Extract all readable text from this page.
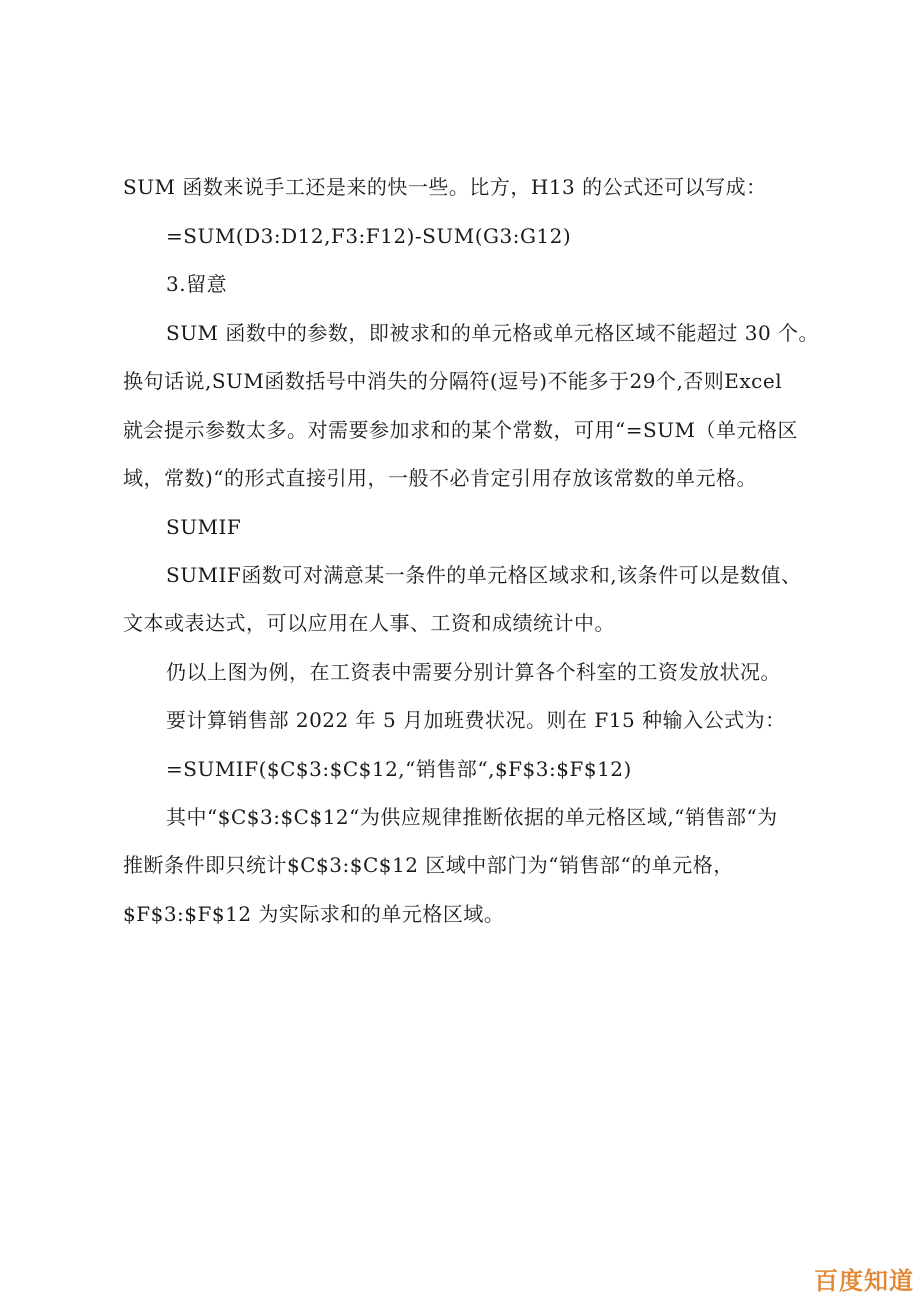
SUM 函数来说手工还是来的快一些。比方，H13 的公式还可以写成：
=SUM(D3:D12,F3:F12)-SUM(G3:G12)
3.留意
SUM 函数中的参数，即被求和的单元格或单元格区域不能超过 30 个。
换句话说,SUM函数括号中消失的分隔符(逗号)不能多于29个,否则Excel
就会提示参数太多。对需要参加求和的某个常数，可用“=SUM（单元格区
域，常数)“的形式直接引用，一般不必肯定引用存放该常数的单元格。
SUMIF
SUMIF函数可对满意某一条件的单元格区域求和,该条件可以是数值、
文本或表达式，可以应用在人事、工资和成绩统计中。
仍以上图为例，在工资表中需要分别计算各个科室的工资发放状况。
要计算销售部 2022 年 5 月加班费状况。则在 F15 种输入公式为：
=SUMIF($C$3:$C$12,“销售部“,$F$3:$F$12)
其中“$C$3:$C$12“为供应规律推断依据的单元格区域,“销售部“为
推断条件即只统计$C$3:$C$12 区域中部门为“销售部“的单元格，
$F$3:$F$12 为实际求和的单元格区域。
百度知道
